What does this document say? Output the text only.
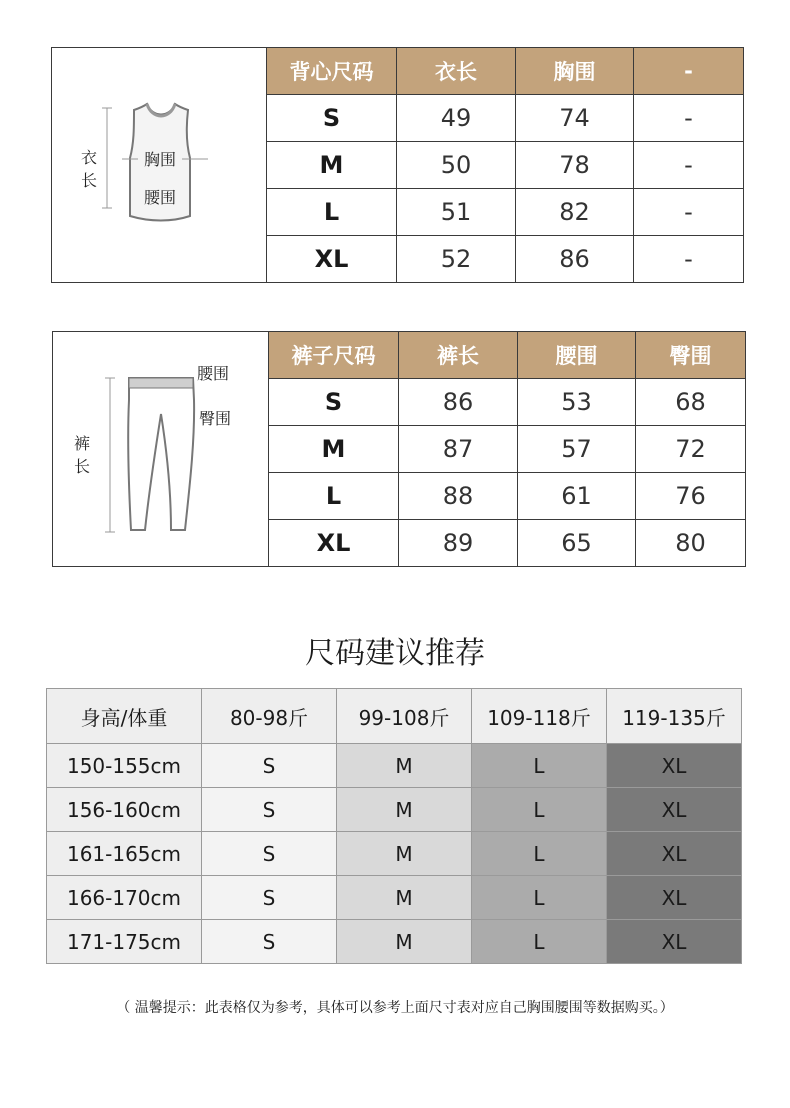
衣
长
胸围
腰围	背心尺码	衣长	胸围	-
	S	49	74	-
	M	50	78	-
	L	51	82	-
	XL	52	86	-
裤
长
腰围
臀围	裤子尺码	裤长	腰围	臀围
	S	86	53	68
	M	87	57	72
	L	88	61	76
	XL	89	65	80
尺码建议推荐
身高/体重	80-98斤	99-108斤	109-118斤	119-135斤
150-155cm	S	M	L	XL
156-160cm	S	M	L	XL
161-165cm	S	M	L	XL
166-170cm	S	M	L	XL
171-175cm	S	M	L	XL
（ 温馨提示：此表格仅为参考，具体可以参考上面尺寸表对应自己胸围腰围等数据购买。）
